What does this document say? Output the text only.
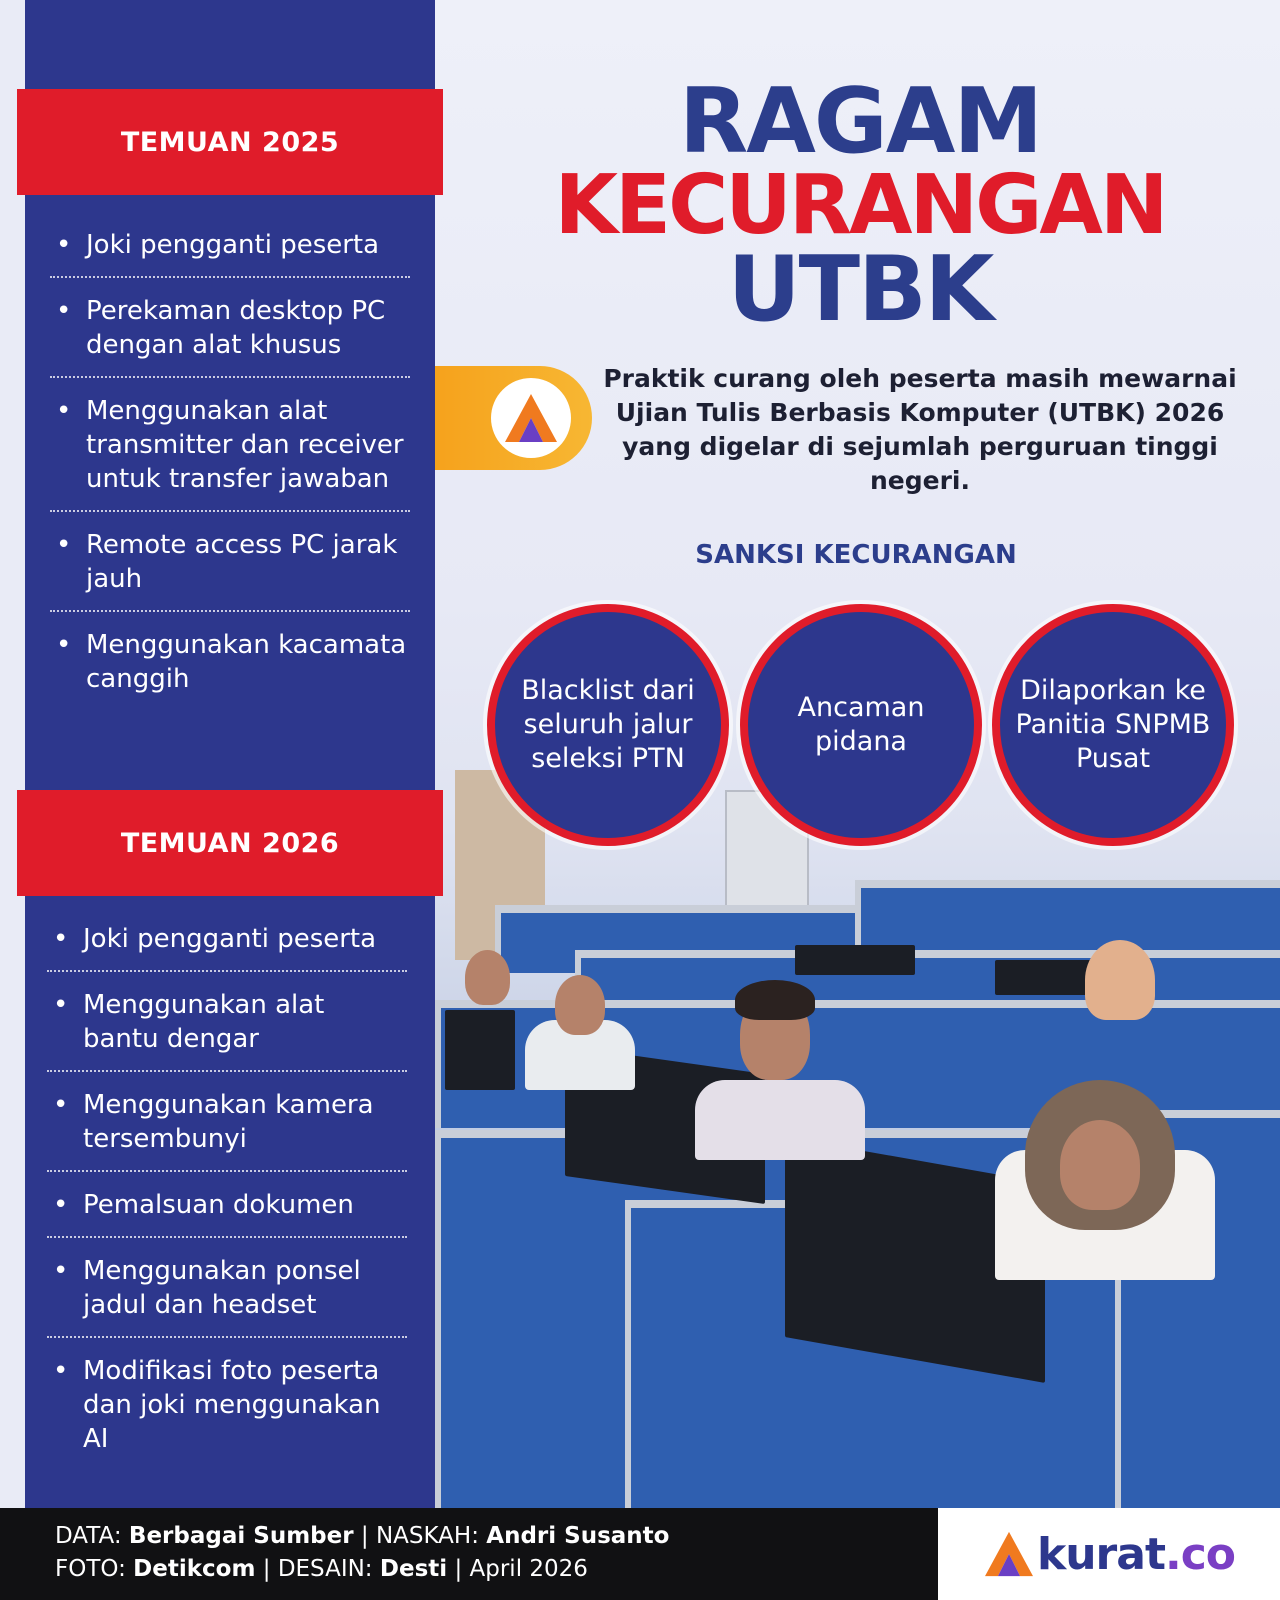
TEMUAN 2025
• Joki pengganti peserta
• Perekaman desktop PC dengan alat khusus
• Menggunakan alat transmitter dan receiver untuk transfer jawaban
• Remote access PC jarak jauh
• Menggunakan kacamata canggih
TEMUAN 2026
• Joki pengganti peserta
• Menggunakan alat bantu dengar
• Menggunakan kamera tersembunyi
• Pemalsuan dokumen
• Menggunakan ponsel jadul dan headset
• Modifikasi foto peserta dan joki menggunakan AI
RAGAM
KECURANGAN
UTBK
Praktik curang oleh peserta masih mewarnai Ujian Tulis Berbasis Komputer (UTBK) 2026 yang digelar di sejumlah perguruan tinggi negeri.
SANKSI KECURANGAN
Blacklist dari seluruh jalur seleksi PTN
Ancaman pidana
Dilaporkan ke Panitia SNPMB Pusat
DATA: Berbagai Sumber | NASKAH: Andri Susanto
FOTO: Detikcom | DESAIN: Desti | April 2026	kurat.co
